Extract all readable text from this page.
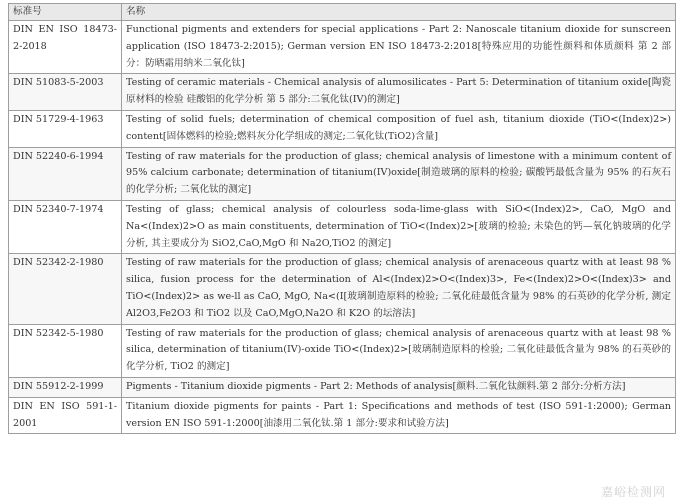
标准号	名称
DIN EN ISO 18473-2-2018	Functional pigments and extenders for special applications - Part 2: Nanoscale titanium dioxide for sunscreen application (ISO 18473-2:2015); German version EN ISO 18473-2:2018[特殊应用的功能性颜料和体质颜料 第 2 部分：防晒霜用纳米二氧化钛]
DIN 51083-5-2003	Testing of ceramic materials - Chemical analysis of alumosilicates - Part 5: Determination of titanium oxide[陶瓷原材料的检验 硅酸铝的化学分析 第 5 部分:二氧化钛(IV)的测定]
DIN 51729-4-1963	Testing of solid fuels; determination of chemical composition of fuel ash, titanium dioxide (TiO<(Index)2>) content[固体燃料的检验;燃料灰分化学组成的测定;二氧化钛(TiO2)含量]
DIN 52240-6-1994	Testing of raw materials for the production of glass; chemical analysis of limestone with a minimum content of 95% calcium carbonate; determination of titanium(IV)oxide[制造玻璃的原料的检验; 碳酸钙最低含量为 95% 的石灰石的化学分析; 二氧化钛的测定]
DIN 52340-7-1974	Testing of glass; chemical analysis of colourless soda-lime-glass with SiO<(Index)2>, CaO, MgO and Na<(Index)2>O as main constituents, determination of TiO<(Index)2>[玻璃的检验; 未染色的钙—氧化钠玻璃的化学分析, 其主要成分为 SiO2,CaO,MgO 和 Na2O,TiO2 的测定]
DIN 52342-2-1980	Testing of raw materials for the production of glass; chemical analysis of arenaceous quartz with at least 98 % silica, fusion process for the determination of Al<(Index)2>O<(Index)3>, Fe<(Index)2>O<(Index)3> and TiO<(Index)2> as we-ll as CaO, MgO, Na<(I[玻璃制造原料的检验; 二氧化硅最低含量为 98% 的石英砂的化学分析, 测定 Al2O3,Fe2O3 和 TiO2 以及 CaO,MgO,Na2O 和 K2O 的坛溶法]
DIN 52342-5-1980	Testing of raw materials for the production of glass; chemical analysis of arenaceous quartz with at least 98 % silica, determination of titanium(IV)-oxide TiO<(Index)2>[玻璃制造原料的检验; 二氧化硅最低含量为 98% 的石英砂的化学分析, TiO2 的测定]
DIN 55912-2-1999	Pigments - Titanium dioxide pigments - Part 2: Methods of analysis[颜料.二氧化钛颜料.第 2 部分:分析方法]
DIN EN ISO 591-1-2001	Titanium dioxide pigments for paints - Part 1: Specifications and methods of test (ISO 591-1:2000); German version EN ISO 591-1:2000[油漆用二氧化钛.第 1 部分:要求和试验方法]
嘉峪检测网
